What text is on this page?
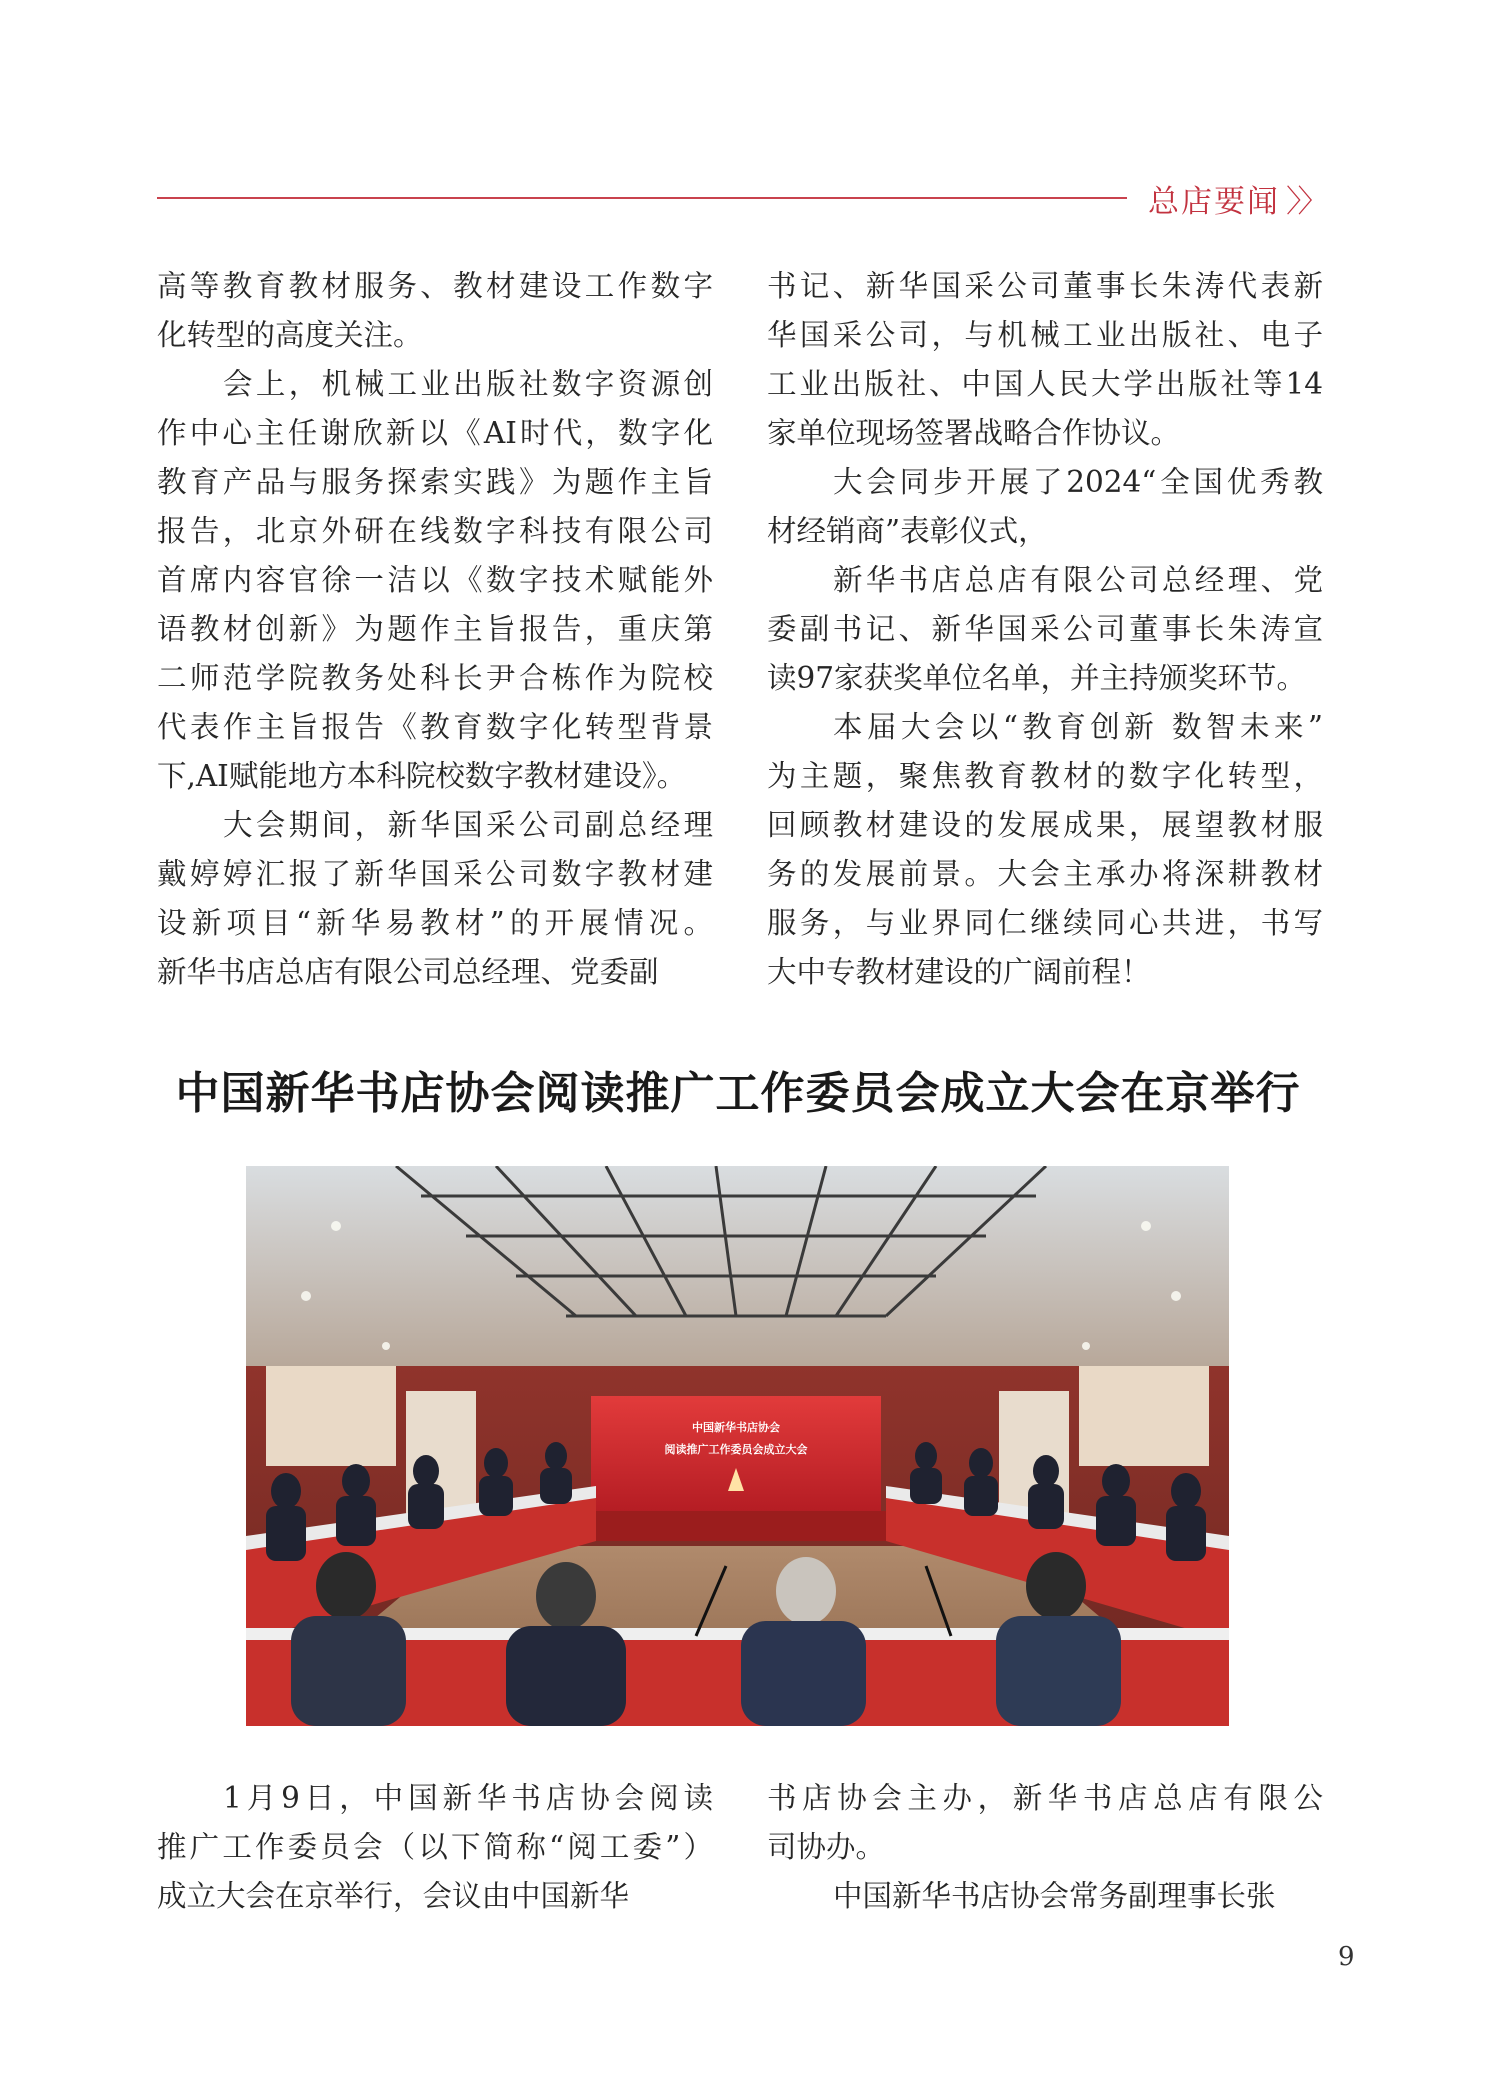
总店要闻 〉〉

高等教育教材服务、教材建设工作数字
化转型的高度关注。

会上，机械工业出版社数字资源创
作中心主任谢欣新以《AI时代，数字化
教育产品与服务探索实践》为题作主旨
报告，北京外研在线数字科技有限公司
首席内容官徐一洁以《数字技术赋能外
语教材创新》为题作主旨报告，重庆第
二师范学院教务处科长尹合栋作为院校
代表作主旨报告《教育数字化转型背景
下,AI赋能地方本科院校数字教材建设》。

大会期间，新华国采公司副总经理
戴婷婷汇报了新华国采公司数字教材建
设新项目“新华易教材”的开展情况。
新华书店总店有限公司总经理、党委副

书记、新华国采公司董事长朱涛代表新
华国采公司，与机械工业出版社、电子
工业出版社、中国人民大学出版社等14
家单位现场签署战略合作协议。

大会同步开展了2024“全国优秀教
材经销商”表彰仪式，

新华书店总店有限公司总经理、党
委副书记、新华国采公司董事长朱涛宣
读97家获奖单位名单，并主持颁奖环节。

本届大会以“教育创新 数智未来”
为主题，聚焦教育教材的数字化转型，
回顾教材建设的发展成果，展望教材服
务的发展前景。大会主承办将深耕教材
服务，与业界同仁继续同心共进，书写
大中专教材建设的广阔前程！

中国新华书店协会阅读推广工作委员会成立大会在京举行
中国新华书店协会
阅读推广工作委员会成立大会

1月9日，中国新华书店协会阅读
推广工作委员会（以下简称“阅工委”）
成立大会在京举行，会议由中国新华

书店协会主办，新华书店总店有限公
司协办。

中国新华书店协会常务副理事长张

9
